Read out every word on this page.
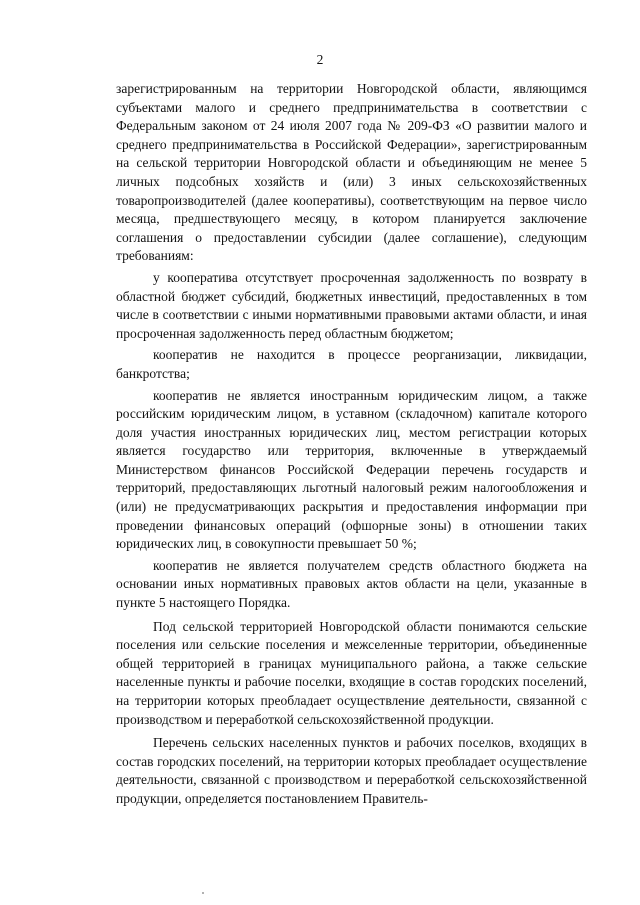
2

зарегистрированным на территории Новгородской области, являющимся субъектами малого и среднего предпринимательства в соответствии с Федеральным законом от 24 июля 2007 года № 209-ФЗ «О развитии малого и среднего предпринимательства в Российской Федерации», зарегистрированным на сельской территории Новгородской области и объединяющим не менее 5 личных подсобных хозяйств и (или) 3 иных сельскохозяйственных товаропроизводителей (далее кооперативы), соответствующим на первое число месяца, предшествующего месяцу, в котором планируется заключение соглашения о предоставлении субсидии (далее соглашение), следующим требованиям:

у кооператива отсутствует просроченная задолженность по возврату в областной бюджет субсидий, бюджетных инвестиций, предоставленных в том числе в соответствии с иными нормативными правовыми актами области, и иная просроченная задолженность перед областным бюджетом;

кооператив не находится в процессе реорганизации, ликвидации, банкротства;

кооператив не является иностранным юридическим лицом, а также российским юридическим лицом, в уставном (складочном) капитале которого доля участия иностранных юридических лиц, местом регистрации которых является государство или территория, включенные в утверждаемый Министерством финансов Российской Федерации перечень государств и территорий, предоставляющих льготный налоговый режим налогообложения и (или) не предусматривающих раскрытия и предоставления информации при проведении финансовых операций (офшорные зоны) в отношении таких юридических лиц, в совокупности превышает 50 %;

кооператив не является получателем средств областного бюджета на основании иных нормативных правовых актов области на цели, указанные в пункте 5 настоящего Порядка.

Под сельской территорией Новгородской области понимаются сельские поселения или сельские поселения и межселенные территории, объединенные общей территорией в границах муниципального района, а также сельские населенные пункты и рабочие поселки, входящие в состав городских поселений, на территории которых преобладает осуществление деятельности, связанной с производством и переработкой сельскохозяйственной продукции.

Перечень сельских населенных пунктов и рабочих поселков, входящих в состав городских поселений, на территории которых преобладает осуществление деятельности, связанной с производством и переработкой сельскохозяйственной продукции, определяется постановлением Правитель-
